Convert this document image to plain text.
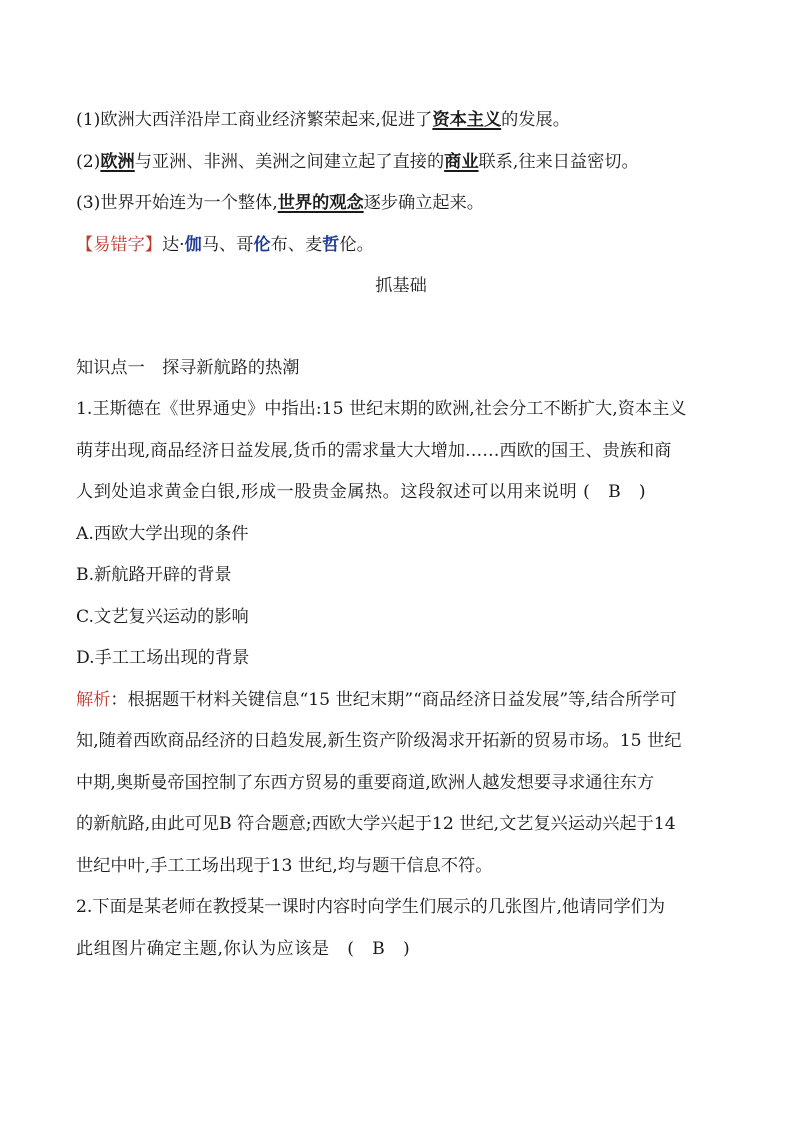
(1)欧洲大西洋沿岸工商业经济繁荣起来,促进了资本主义的发展。
(2)欧洲与亚洲、非洲、美洲之间建立起了直接的商业联系,往来日益密切。
(3)世界开始连为一个整体,世界的观念逐步确立起来。
【易错字】达·伽马、哥伦布、麦哲伦。
抓基础
知识点一　探寻新航路的热潮
1.王斯德在《世界通史》中指出:15 世纪末期的欧洲,社会分工不断扩大,资本主义
萌芽出现,商品经济日益发展,货币的需求量大大增加……西欧的国王、贵族和商
人到处追求黄金白银,形成一股贵金属热。这段叙述可以用来说明 (　B　)
A.西欧大学出现的条件
B.新航路开辟的背景
C.文艺复兴运动的影响
D.手工工场出现的背景
解析：根据题干材料关键信息“15 世纪末期”“商品经济日益发展”等,结合所学可
知,随着西欧商品经济的日趋发展,新生资产阶级渴求开拓新的贸易市场。15 世纪
中期,奥斯曼帝国控制了东西方贸易的重要商道,欧洲人越发想要寻求通往东方
的新航路,由此可见B 符合题意;西欧大学兴起于12 世纪,文艺复兴运动兴起于14
世纪中叶,手工工场出现于13 世纪,均与题干信息不符。
2.下面是某老师在教授某一课时内容时向学生们展示的几张图片,他请同学们为
此组图片确定主题,你认为应该是　(　B　)
